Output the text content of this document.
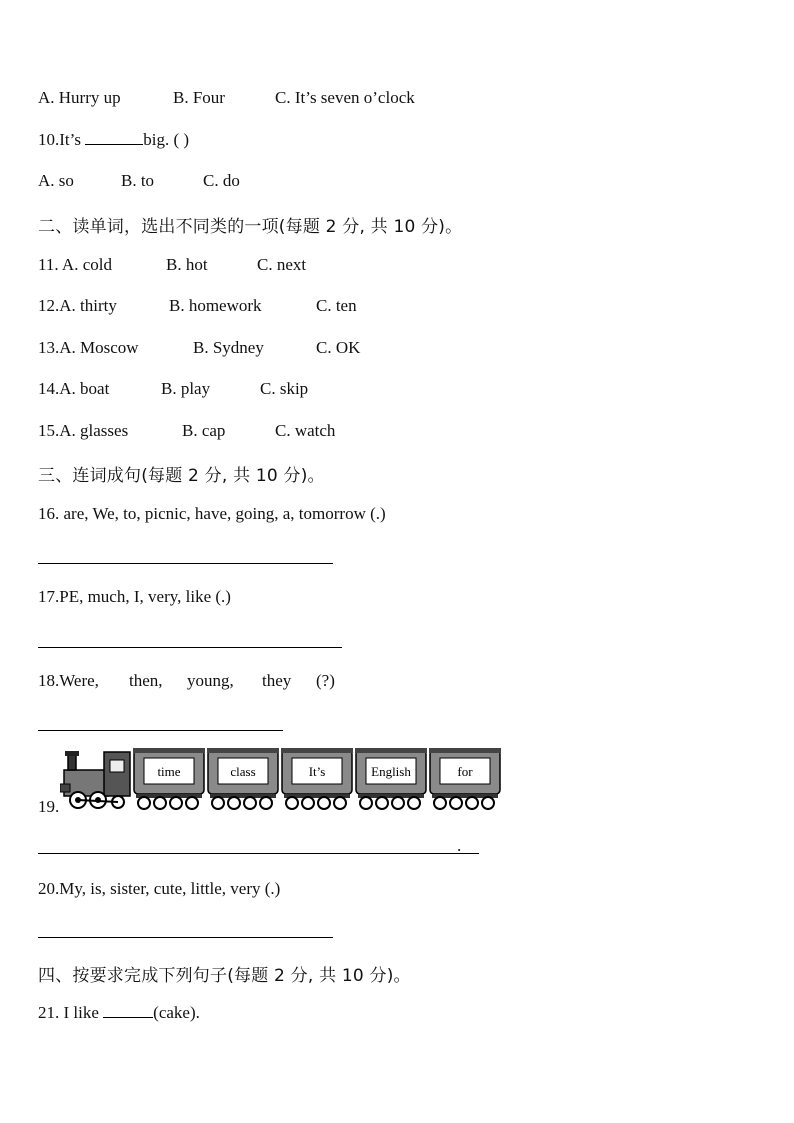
A. Hurry up	B. Four	C. It’s seven o’clock
10.It’s	big. ( )
A. so	B. to	C. do
二、读单词，选出不同类的一项(每题 2 分, 共 10 分)。
11. A. cold	B. hot	C. next
12.A. thirty	B. homework	C. ten
13.A. Moscow	B. Sydney	C. OK
14.A. boat	B. play	C. skip
15.A. glasses	B. cap	C. watch
三、连词成句(每题 2 分, 共 10 分)。
16. are, We, to, picnic, have, going, a, tomorrow (.)
17.PE, much, I, very, like (.)
18.Were, then, young, they (?)
19.
time	class	It’s	English	for
.
20.My, is, sister, cute, little, very (.)
四、按要求完成下列句子(每题 2 分, 共 10 分)。
21. I like	(cake).
